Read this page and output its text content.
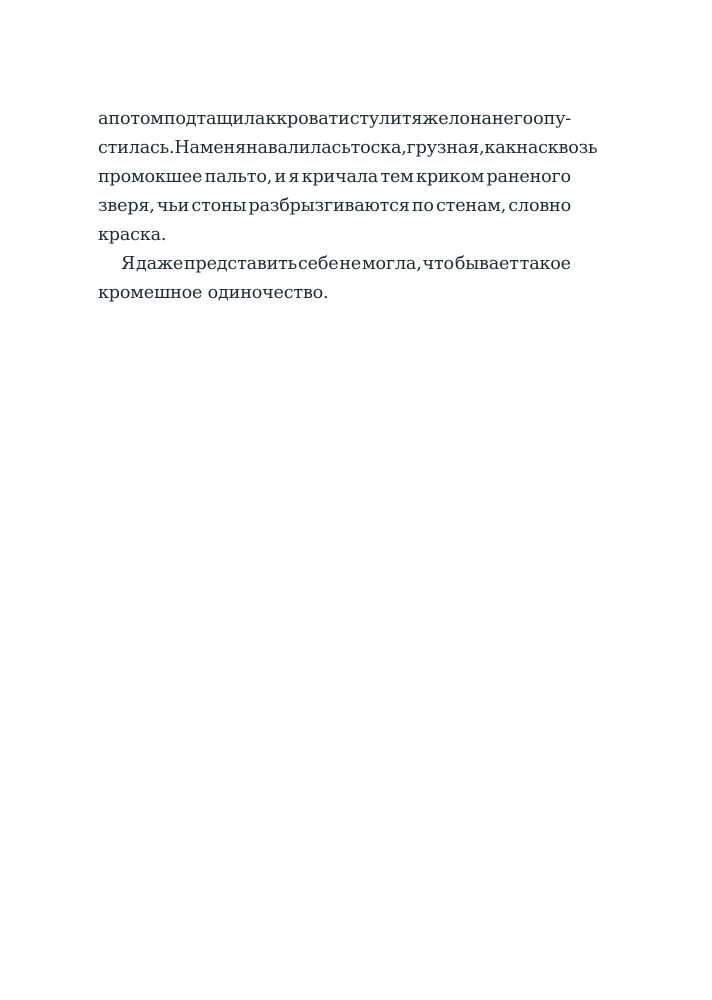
а потом подтащила к кровати стул и тяжело на него опу-
стилась. На меня навалилась тоска, грузная, как насквозь
промокшее пальто, и я кричала тем криком раненого
зверя, чьи стоны разбрызгиваются по стенам, словно
краска.
Я даже представить себе не могла, что бывает такое
кромешное одиночество.
